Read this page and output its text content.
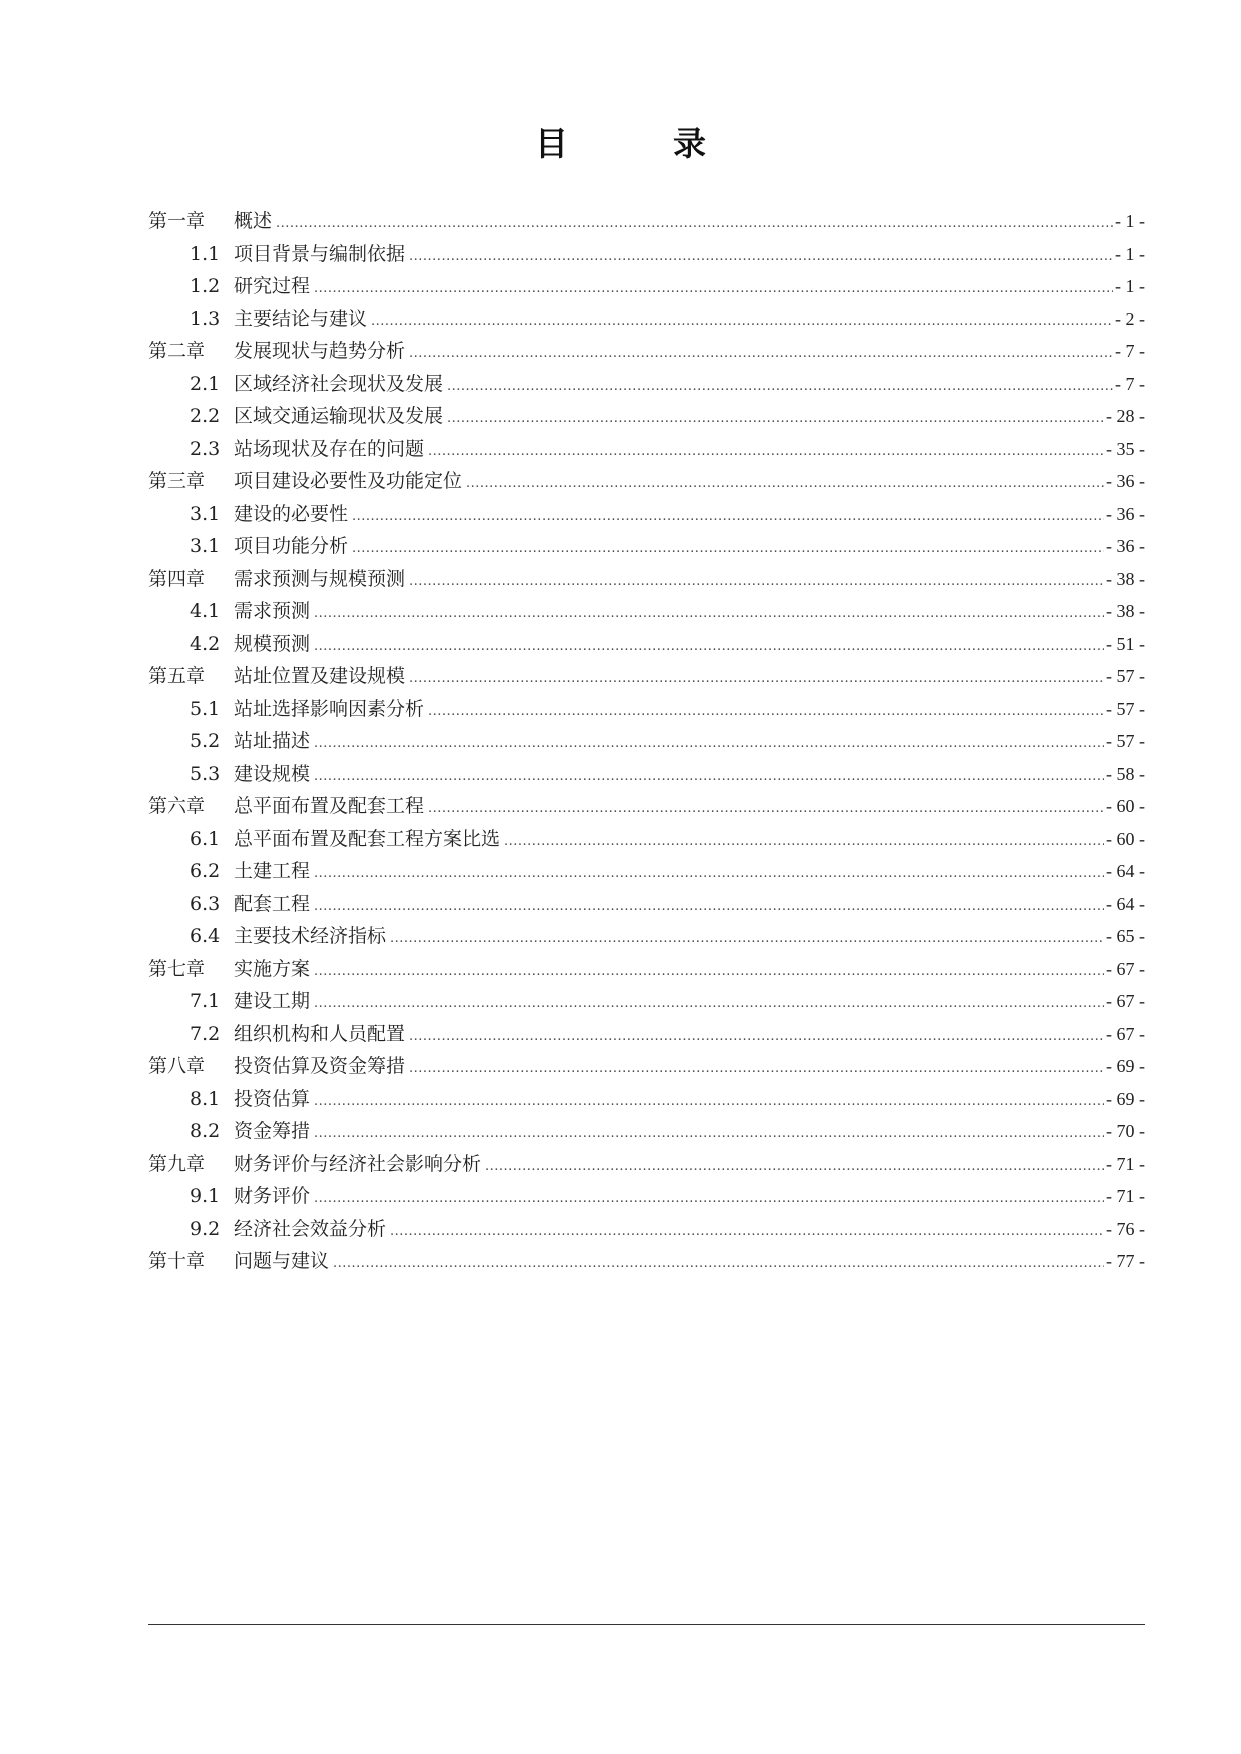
目　录
第一章	概述 .....	- 1 -
1.1 项目背景与编制依据 .....	- 1 -
1.2 研究过程 .....	- 1 -
1.3 主要结论与建议 .....	- 2 -
第二章	发展现状与趋势分析 .....	- 7 -
2.1 区域经济社会现状及发展 .....	- 7 -
2.2 区域交通运输现状及发展 .....	- 28 -
2.3 站场现状及存在的问题 .....	- 35 -
第三章	项目建设必要性及功能定位 .....	- 36 -
3.1 建设的必要性 .....	- 36 -
3.1 项目功能分析 .....	- 36 -
第四章	需求预测与规模预测 .....	- 38 -
4.1 需求预测 .....	- 38 -
4.2 规模预测 .....	- 51 -
第五章	站址位置及建设规模 .....	- 57 -
5.1 站址选择影响因素分析 .....	- 57 -
5.2 站址描述 .....	- 57 -
5.3 建设规模 .....	- 58 -
第六章	总平面布置及配套工程 .....	- 60 -
6.1 总平面布置及配套工程方案比选 .....	- 60 -
6.2 土建工程 .....	- 64 -
6.3 配套工程 .....	- 64 -
6.4 主要技术经济指标 .....	- 65 -
第七章	实施方案 .....	- 67 -
7.1 建设工期 .....	- 67 -
7.2 组织机构和人员配置 .....	- 67 -
第八章	投资估算及资金筹措 .....	- 69 -
8.1 投资估算 .....	- 69 -
8.2 资金筹措 .....	- 70 -
第九章	财务评价与经济社会影响分析 .....	- 71 -
9.1 财务评价 .....	- 71 -
9.2 经济社会效益分析 .....	- 76 -
第十章	问题与建议 .....	- 77 -
